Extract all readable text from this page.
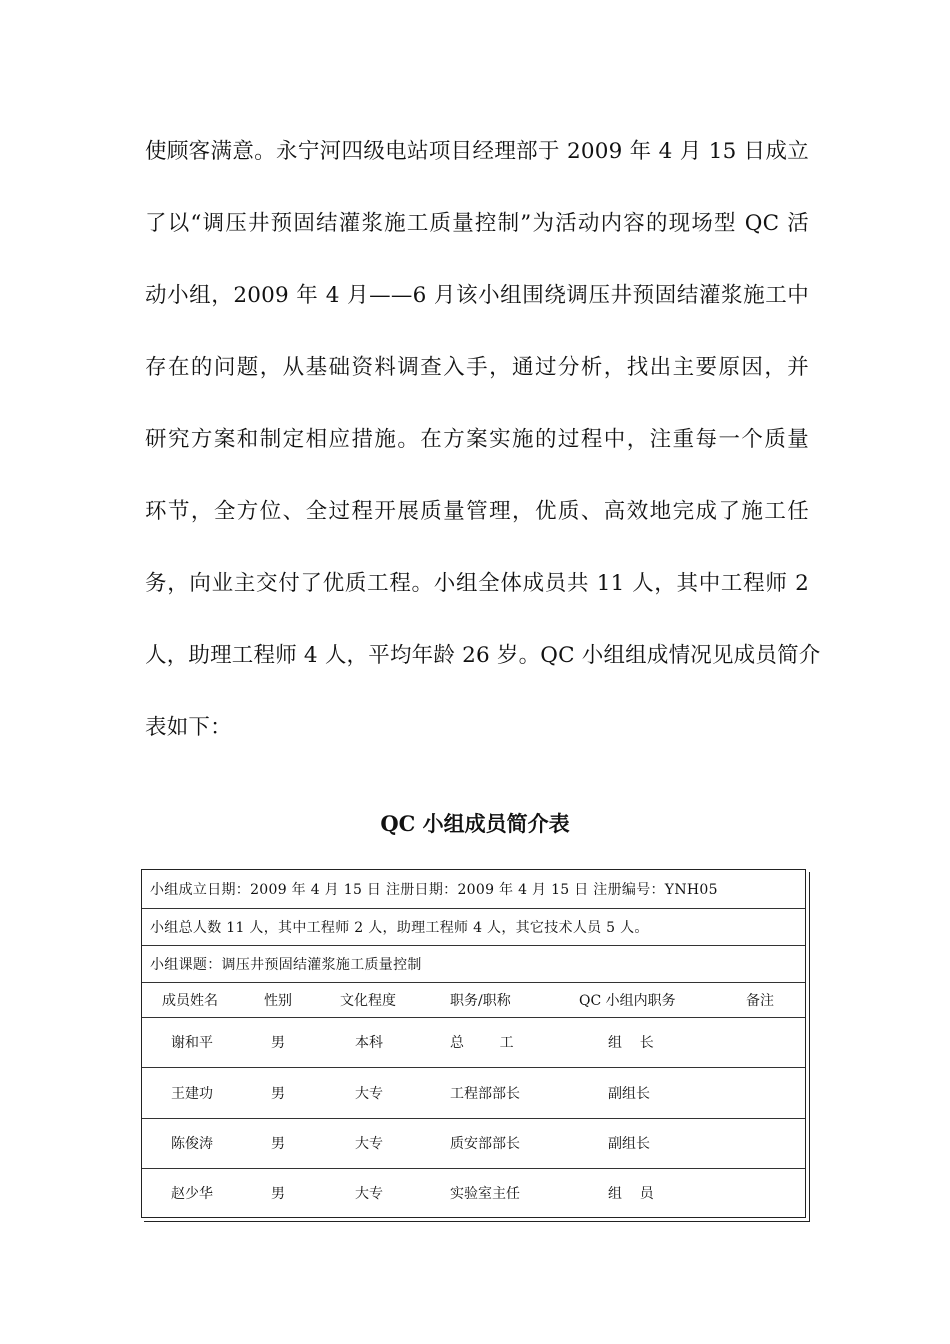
使顾客满意。永宁河四级电站项目经理部于 2009 年 4 月 15 日成立
了以“调压井预固结灌浆施工质量控制”为活动内容的现场型 QC 活
动小组，2009 年 4 月——6 月该小组围绕调压井预固结灌浆施工中
存在的问题，从基础资料调查入手，通过分析，找出主要原因，并
研究方案和制定相应措施。在方案实施的过程中，注重每一个质量
环节，全方位、全过程开展质量管理，优质、高效地完成了施工任
务，向业主交付了优质工程。小组全体成员共 11 人，其中工程师 2
人，助理工程师 4 人，平均年龄 26 岁。QC 小组组成情况见成员简介
表如下：
QC 小组成员简介表
小组成立日期：2009 年 4 月 15 日 注册日期：2009 年 4 月 15 日 注册编号：YNH05
小组总人数 11 人，其中工程师 2 人，助理工程师 4 人，其它技术人员 5 人。
小组课题：调压井预固结灌浆施工质量控制
成员姓名	性别	文化程度	职务/职称	QC 小组内职务	备注
谢和平	男	本科	总        工	组    长
王建功	男	大专	工程部部长	副组长
陈俊涛	男	大专	质安部部长	副组长
赵少华	男	大专	实验室主任	组    员
